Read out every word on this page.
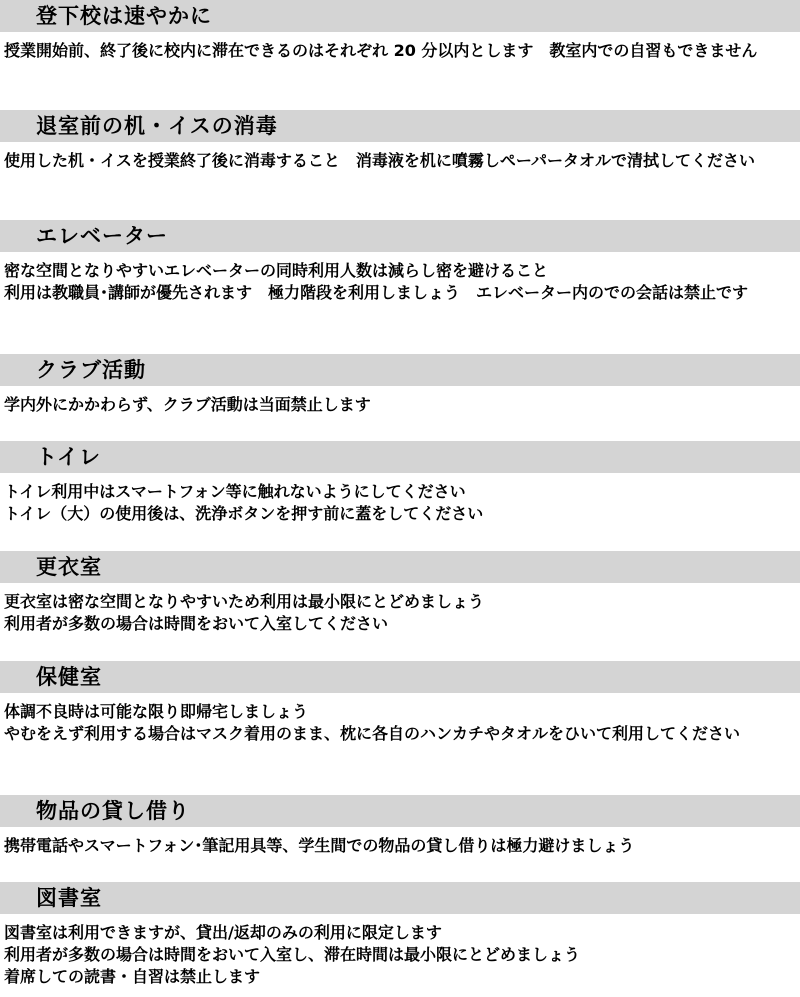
登下校は速やかに
授業開始前、終了後に校内に滞在できるのはそれぞれ 20 分以内とします　教室内での自習もできません
退室前の机・イスの消毒
使用した机・イスを授業終了後に消毒すること　消毒液を机に噴霧しペーパータオルで清拭してください
エレベーター
密な空間となりやすいエレベーターの同時利用人数は減らし密を避けること
利用は教職員･講師が優先されます　極力階段を利用しましょう　エレベーター内のでの会話は禁止です
クラブ活動
学内外にかかわらず、クラブ活動は当面禁止します
トイレ
トイレ利用中はスマートフォン等に触れないようにしてください
トイレ（大）の使用後は、洗浄ボタンを押す前に蓋をしてください
更衣室
更衣室は密な空間となりやすいため利用は最小限にとどめましょう
利用者が多数の場合は時間をおいて入室してください
保健室
体調不良時は可能な限り即帰宅しましょう
やむをえず利用する場合はマスク着用のまま、枕に各自のハンカチやタオルをひいて利用してください
物品の貸し借り
携帯電話やスマートフォン･筆記用具等、学生間での物品の貸し借りは極力避けましょう
図書室
図書室は利用できますが、貸出/返却のみの利用に限定します
利用者が多数の場合は時間をおいて入室し、滞在時間は最小限にとどめましょう
着席しての読書・自習は禁止します
